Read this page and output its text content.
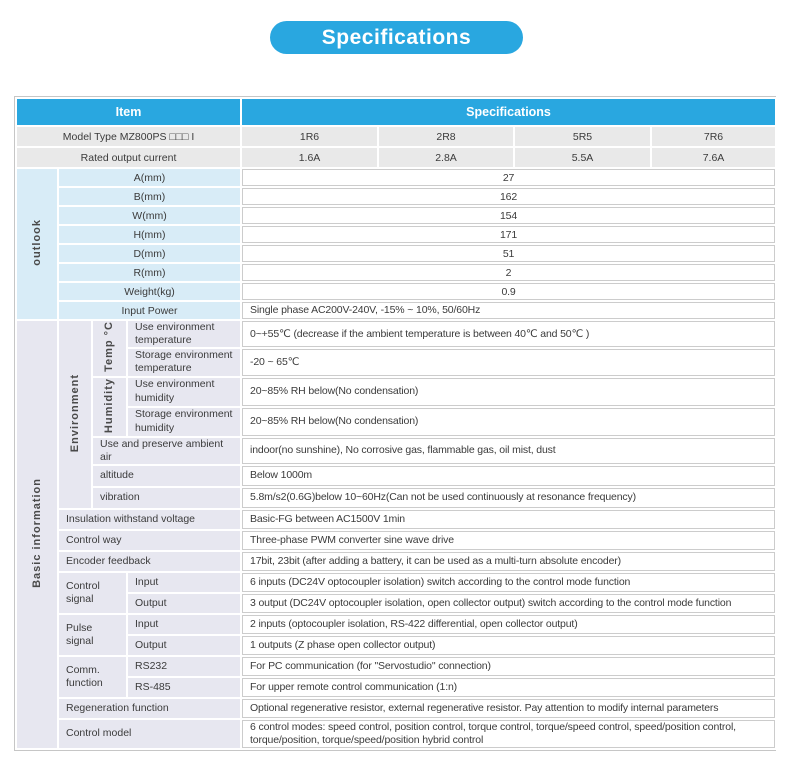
Specifications
Item				Specifications			
Model Type MZ800PS □□□ I				1R6	2R8	5R5	7R6
Rated output current				1.6A	2.8A	5.5A	7.6A
outlook	A(mm)			27			
	B(mm)			162			
	W(mm)			154			
	H(mm)			171			
	D(mm)			51			
	R(mm)			2			
	Weight(kg)			0.9			
	Input Power			Single phase AC200V-240V, -15% ~ 10%, 50/60Hz			
Basic information	Environment	Temp °C	Use environment temperature	0~+55℃ (decrease if the ambient temperature is between 40℃ and 50℃ )			
			Storage environment temperature	-20 ~ 65℃			
		Humidity	Use environment humidity	20~85% RH below(No condensation)			
			Storage environment humidity	20~85% RH below(No condensation)			
		Use and preserve ambient air		indoor(no sunshine), No corrosive gas, flammable gas, oil mist, dust			
		altitude		Below 1000m			
		vibration		5.8m/s2(0.6G)below 10~60Hz(Can not be used continuously at resonance frequency)			
	Insulation withstand voltage			Basic-FG between AC1500V 1min			
	Control way			Three-phase PWM converter sine wave drive			
	Encoder feedback			17bit, 23bit (after adding a battery, it can be used as a multi-turn absolute encoder)			
	Control signal		Input	6 inputs (DC24V optocoupler isolation) switch according to the control mode function			
			Output	3 output (DC24V optocoupler isolation, open collector output) switch according to the control mode function			
	Pulse signal		Input	2 inputs (optocoupler isolation, RS-422 differential, open collector output)			
			Output	1 outputs (Z phase open collector output)			
	Comm. function		RS232	For PC communication (for "Servostudio" connection)			
			RS-485	For upper remote control communication (1:n)			
	Regeneration function			Optional regenerative resistor, external regenerative resistor. Pay attention to modify internal parameters			
	Control model			6 control modes: speed control, position control, torque control, torque/speed control, speed/position control, torque/position, torque/speed/position hybrid control			
